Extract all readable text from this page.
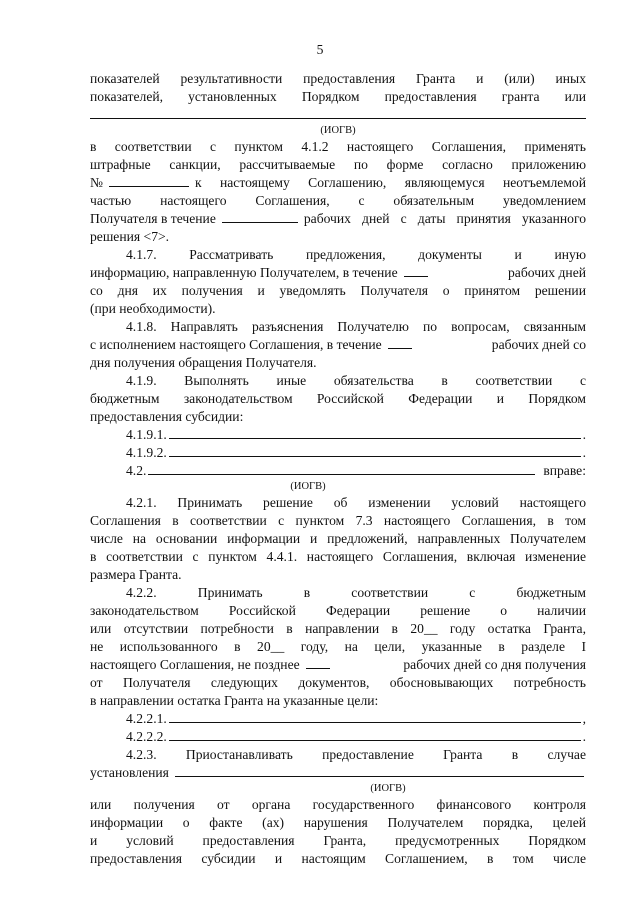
5
показателей результативности предоставления Гранта и (или) иных
показателей, установленных Порядком предоставления гранта или
(ИОГВ)
в соответствии с пунктом 4.1.2 настоящего Соглашения, применять
штрафные санкции, рассчитываемые по форме согласно приложению
№	к настоящему Соглашению, являющемуся неотъемлемой
частью настоящего Соглашения, с обязательным уведомлением
Получателя в течение	рабочих дней с даты принятия указанного
решения <7>.
4.1.7. Рассматривать предложения, документы и иную
информацию, направленную Получателем, в течение	рабочих дней
со дня их получения и уведомлять Получателя о принятом решении
(при необходимости).
4.1.8. Направлять разъяснения Получателю по вопросам, связанным
с исполнением настоящего Соглашения, в течение	рабочих дней со
дня получения обращения Получателя.
4.1.9. Выполнять иные обязательства в соответствии с
бюджетным законодательством Российской Федерации и Порядком
предоставления субсидии:
4.1.9.1.	.
4.1.9.2.	.
4.2.	вправе:
(ИОГВ)
4.2.1. Принимать решение об изменении условий настоящего
Соглашения в соответствии с пунктом 7.3 настоящего Соглашения, в том
числе на основании информации и предложений, направленных Получателем
в соответствии с пунктом 4.4.1. настоящего Соглашения, включая изменение
размера Гранта.
4.2.2. Принимать в соответствии с бюджетным
законодательством Российской Федерации решение о наличии
или отсутствии потребности в направлении в 20__ году остатка Гранта,
не использованного в 20__ году, на цели, указанные в разделе I
настоящего Соглашения, не позднее	рабочих дней со дня получения
от Получателя следующих документов, обосновывающих потребность
в направлении остатка Гранта на указанные цели:
4.2.2.1.	,
4.2.2.2.	.
4.2.3. Приостанавливать предоставление Гранта в случае
установления
(ИОГВ)
или получения от органа государственного финансового контроля
информации о факте (ах) нарушения Получателем порядка, целей
и условий предоставления Гранта, предусмотренных Порядком
предоставления субсидии и настоящим Соглашением, в том числе
